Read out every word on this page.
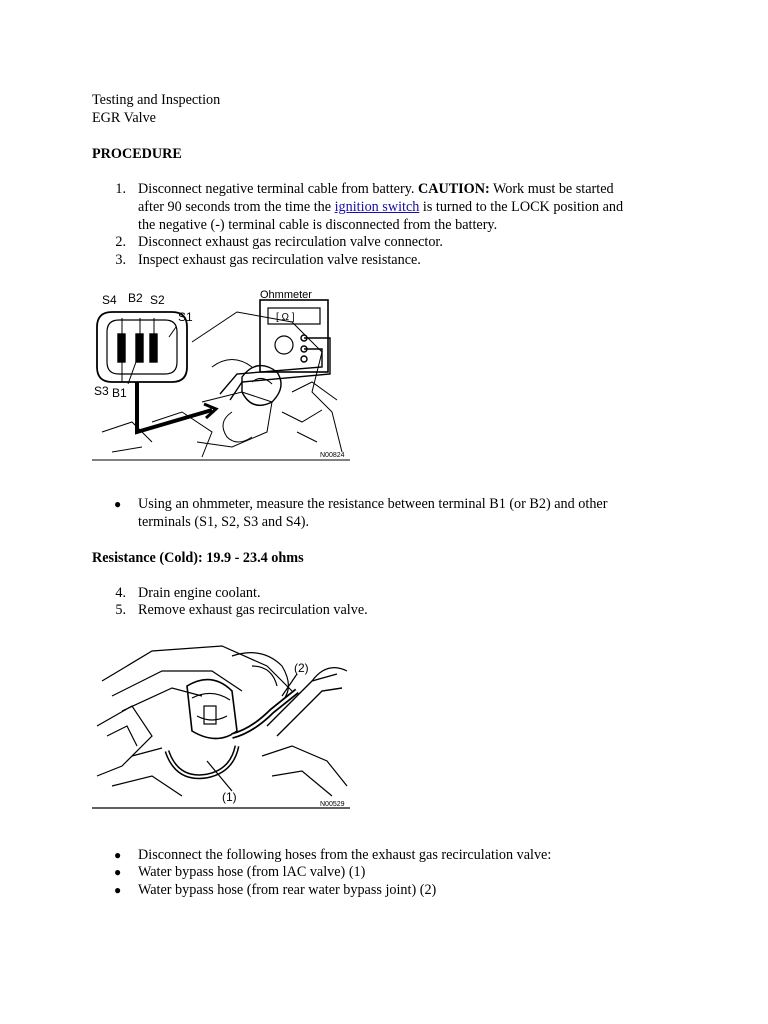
Testing and Inspection
EGR Valve
PROCEDURE
1. Disconnect negative terminal cable from battery. CAUTION: Work must be started
after 90 seconds trom the time the ignition switch is turned to the LOCK position and
the negative (-) terminal cable is disconnected from the battery.
2. Disconnect exhaust gas recirculation valve connector.
3. Inspect exhaust gas recirculation valve resistance.
S4 B2 S2
S1
S3 B1
Ohmmeter
[ Ω ]
N00824
● Using an ohmmeter, measure the resistance between terminal B1 (or B2) and other
terminals (S1, S2, S3 and S4).
Resistance (Cold): 19.9 - 23.4 ohms
4. Drain engine coolant.
5. Remove exhaust gas recirculation valve.
(2)
(1)
N00529
● Disconnect the following hoses from the exhaust gas recirculation valve:
● Water bypass hose (from lAC valve) (1)
● Water bypass hose (from rear water bypass joint) (2)
